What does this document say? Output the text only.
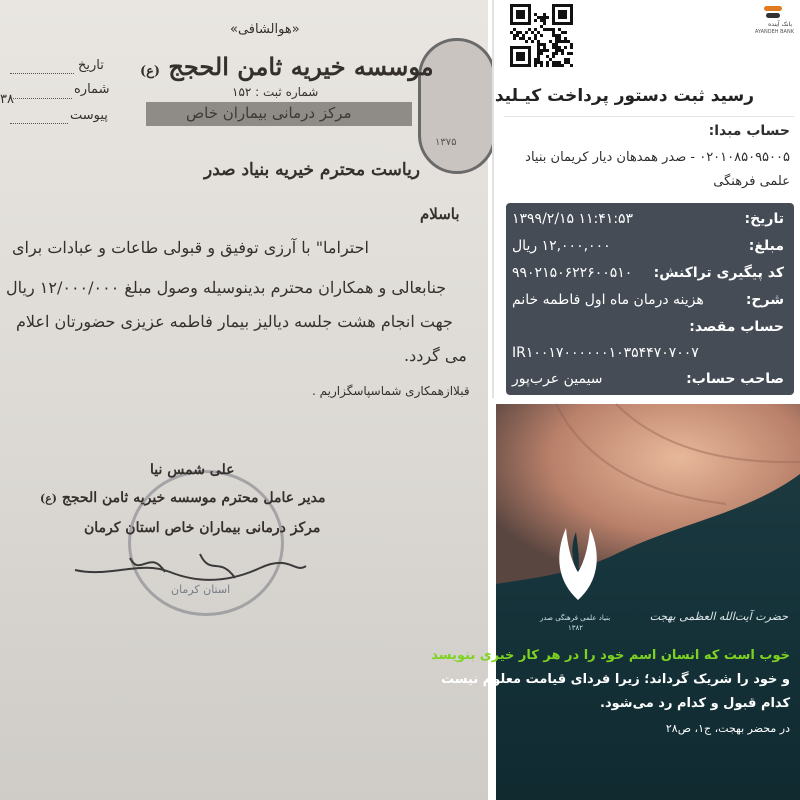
۱۳۷۵
«هوالشافی»
موسسه خیریه ثامن الحجج (ع)
شماره ثبت : ۱۵۲
مرکز درمانی بیماران خاص
تاریخ
شماره
۳۸
پیوست
ریاست محترم خیریه بنیاد صدر
باسلام
احتراما" با آرزی توفیق و قبولی طاعات و عبادات برای
جنابعالی و همکاران محترم بدینوسیله وصول مبلغ ۱۲/۰۰۰/۰۰۰ ریال
جهت انجام هشت جلسه دیالیز بیمار فاطمه عزیزی حضورتان اعلام
می گردد.
قبلاازهمکاری شماسپاسگزاریم .
استان کرمان
علی شمس نیا
مدیر عامل محترم موسسه خیریه ثامن الحجج (ع)
مرکز درمانی بیماران خاص استان کرمان
بانک آینده
AYANDEH BANK
رسید ثبت دستور پرداخت کیـلید
حساب مبدا:
۰۲۰۱۰۸۵۰۹۵۰۰۵ - صدر همدهان دیار کریمان بنیاد
علمی فرهنگی
تاریخ:
۱۳۹۹/۲/۱۵ ۱۱:۴۱:۵۳
مبلغ:
۱۲,۰۰۰,۰۰۰ ریال
کد پیگیری تراکنش:
۹۹۰۲۱۵۰۶۲۲۶۰۰۵۱۰
شرح:
هزینه درمان ماه اول فاطمه خانم
حساب مقصد:
IR۱۰۰۱۷۰۰۰۰۰۰۱۰۳۵۴۴۷۰۷۰۰۷
صاحب حساب:
سیمین عرب‌پور
بنیاد علمی فرهنگی صدر
۱۳۸۲
حضرت آیت‌الله العظمی بهجت
خوب است که انسان اسم خود را در هر کار خیری بنویسد
و خود را شریک گرداند؛ زیرا فردای قیامت معلوم نیست
کدام قبول و کدام رد می‌شود.
در محضر بهجت، ج۱، ص۲۸
